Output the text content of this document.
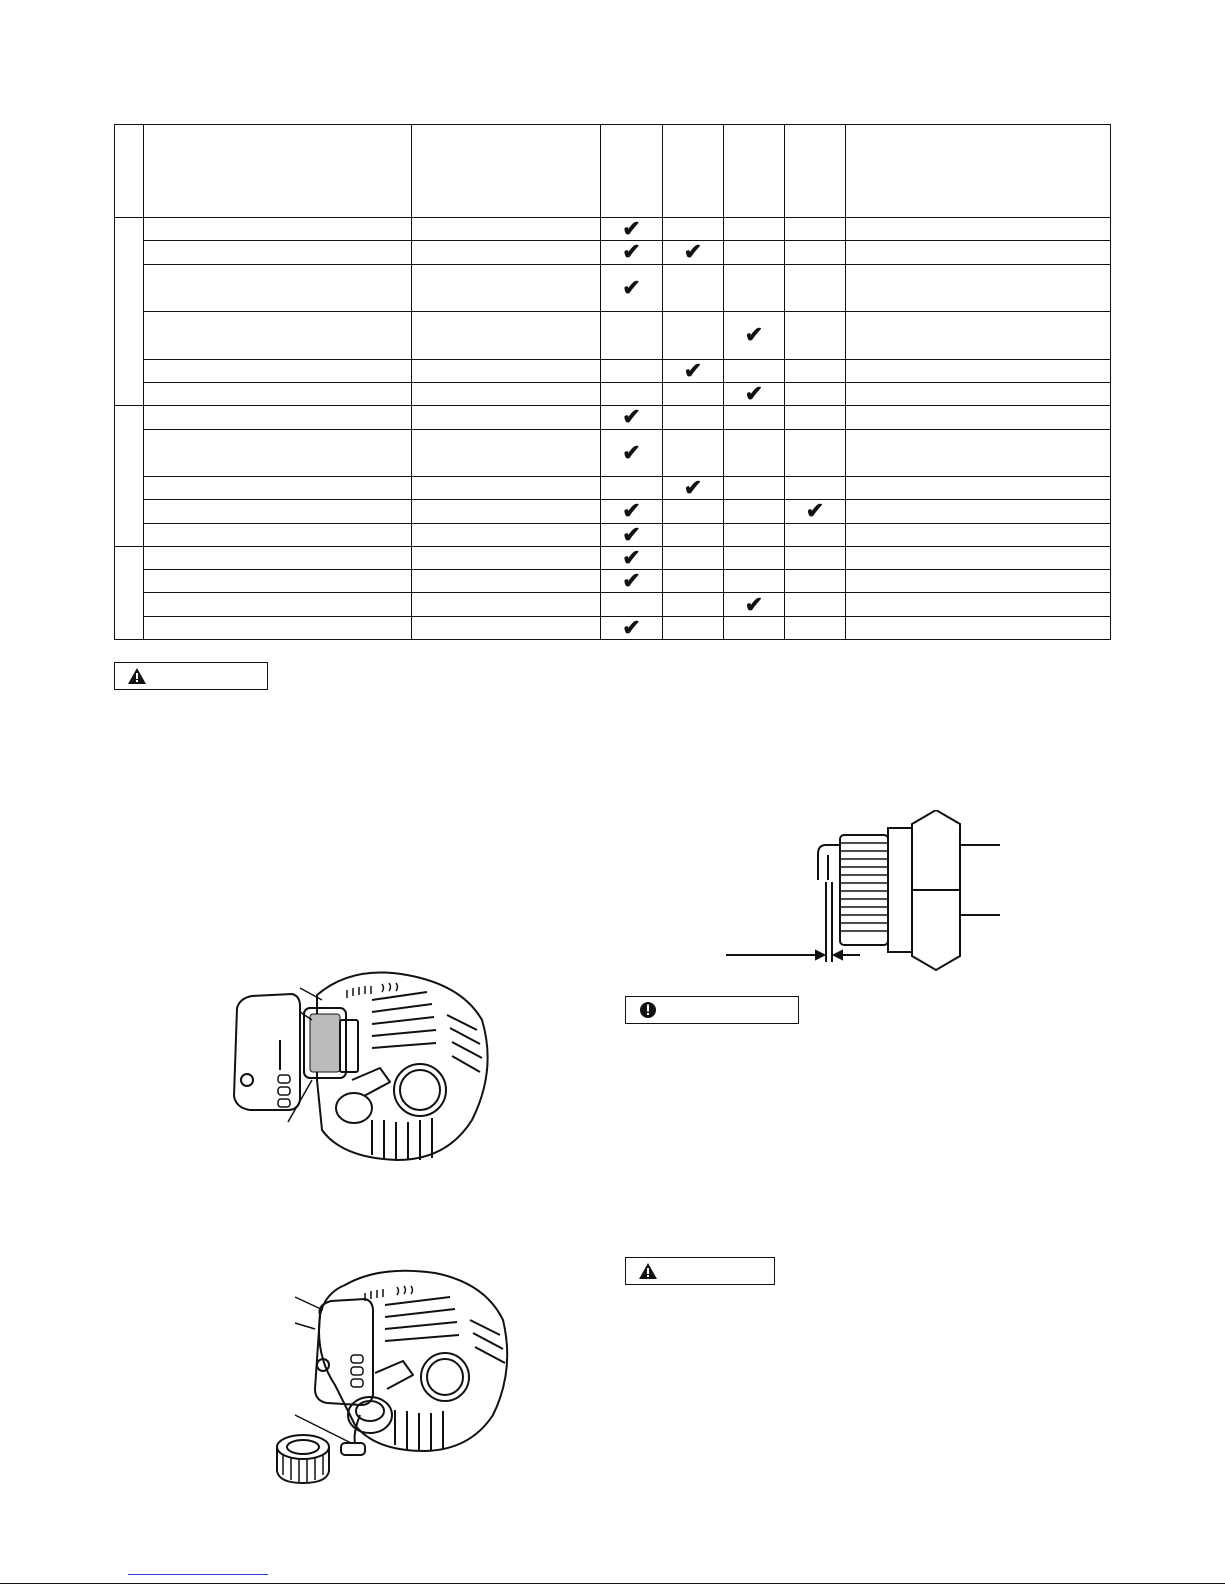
			✔				
			✔	✔			
			✔				
					✔		
				✔			
					✔		
			✔				
			✔				
				✔			
			✔			✔	
			✔				
			✔				
			✔				
					✔		
			✔				
